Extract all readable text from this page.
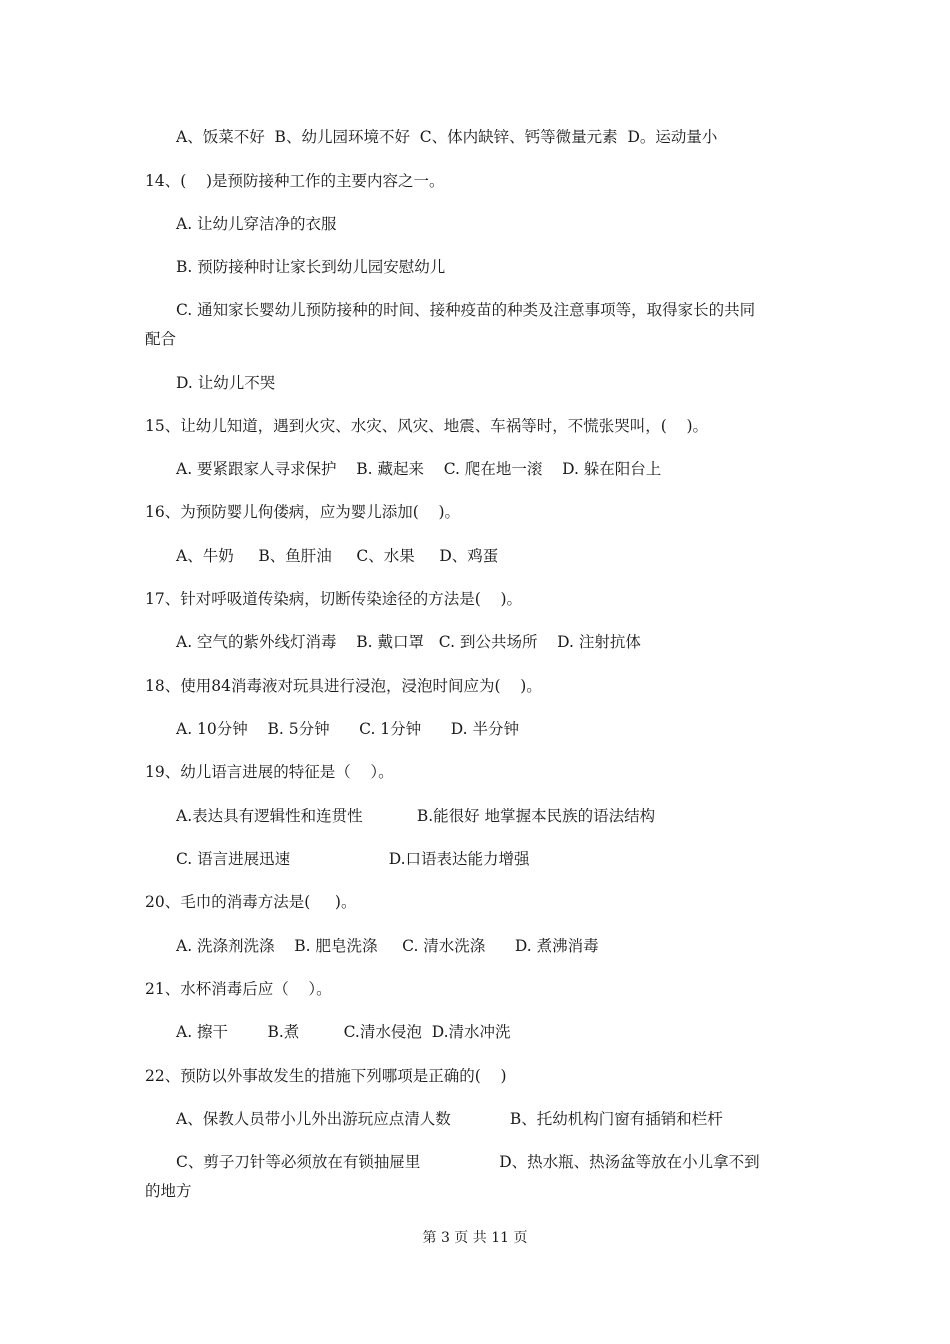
A、饭菜不好  B、幼儿园环境不好  C、体内缺锌、钙等微量元素  D。运动量小
14、(    )是预防接种工作的主要内容之一。
A. 让幼儿穿洁净的衣服
B. 预防接种时让家长到幼儿园安慰幼儿
C. 通知家长婴幼儿预防接种的时间、接种疫苗的种类及注意事项等，取得家长的共同
配合
D. 让幼儿不哭
15、让幼儿知道，遇到火灾、水灾、风灾、地震、车祸等时，不慌张哭叫，(    )。
A. 要紧跟家人寻求保护    B. 藏起来    C. 爬在地一滚    D. 躲在阳台上
16、为预防婴儿佝偻病，应为婴儿添加(    )。
A、牛奶     B、鱼肝油     C、水果     D、鸡蛋
17、针对呼吸道传染病，切断传染途径的方法是(    )。
A. 空气的紫外线灯消毒    B. 戴口罩   C. 到公共场所    D. 注射抗体
18、使用84消毒液对玩具进行浸泡，浸泡时间应为(    )。
A. 10分钟    B. 5分钟      C. 1分钟      D. 半分钟
19、幼儿语言进展的特征是（    ）。
A.表达具有逻辑性和连贯性           B.能很好 地掌握本民族的语法结构
C. 语言进展迅速                    D.口语表达能力增强
20、毛巾的消毒方法是(     )。
A. 洗涤剂洗涤    B. 肥皂洗涤     C. 清水洗涤      D. 煮沸消毒
21、水杯消毒后应（    ）。
A. 擦干        B.煮         C.清水侵泡  D.清水冲洗
22、预防以外事故发生的措施下列哪项是正确的(    )
A、保教人员带小儿外出游玩应点清人数            B、托幼机构门窗有插销和栏杆
C、剪子刀针等必须放在有锁抽屉里                D、热水瓶、热汤盆等放在小儿拿不到
的地方
第 3 页 共 11 页
